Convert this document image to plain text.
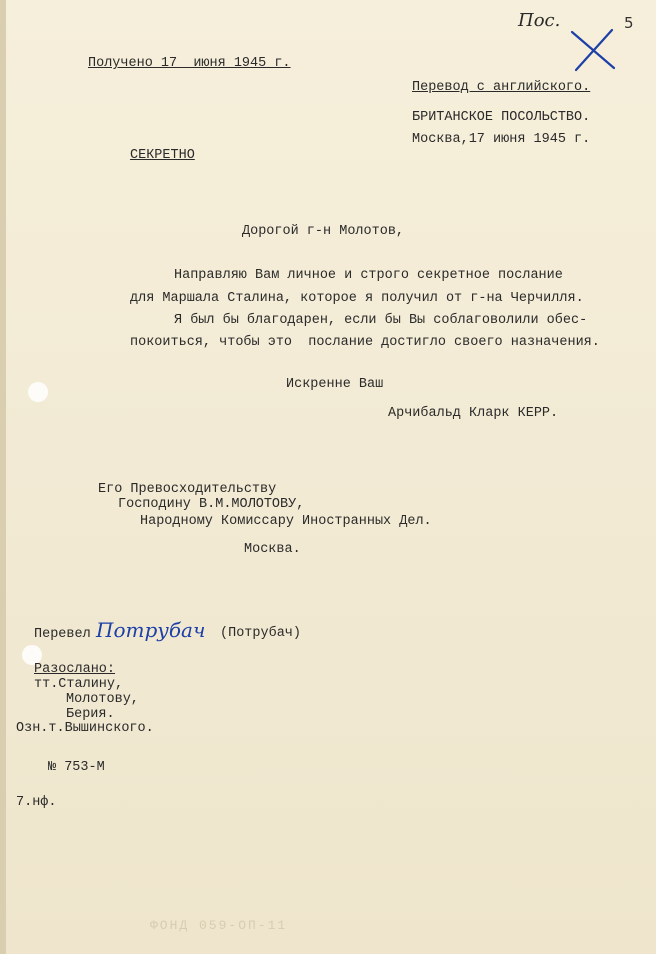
5
Пос.
Получено 17  июня 1945 г.
Перевод с английского.
БРИТАНСКОЕ ПОСОЛЬСТВО.
Москва,17 июня 1945 г.
СЕКРЕТНО
Дорогой г-н Молотов,
Направляю Вам личное и строго секретное послание
для Маршала Сталина, которое я получил от г-на Черчилля.
Я был бы благодарен, если бы Вы соблаговолили обес-
покоиться, чтобы это  послание достигло своего назначения.
Искренне Ваш
Арчибальд Кларк КЕРР.
Его Превосходительству
Господину В.М.МОЛОТОВУ,
Народному Комиссару Иностранных Дел.
Москва.
Перевел Потрубач (Потрубач)
Разослано:
тт.Сталину,
Молотову,
Берия.
Озн.т.Вышинского.
№ 753-М
7.нф.
ФОНД 059-ОП-11
